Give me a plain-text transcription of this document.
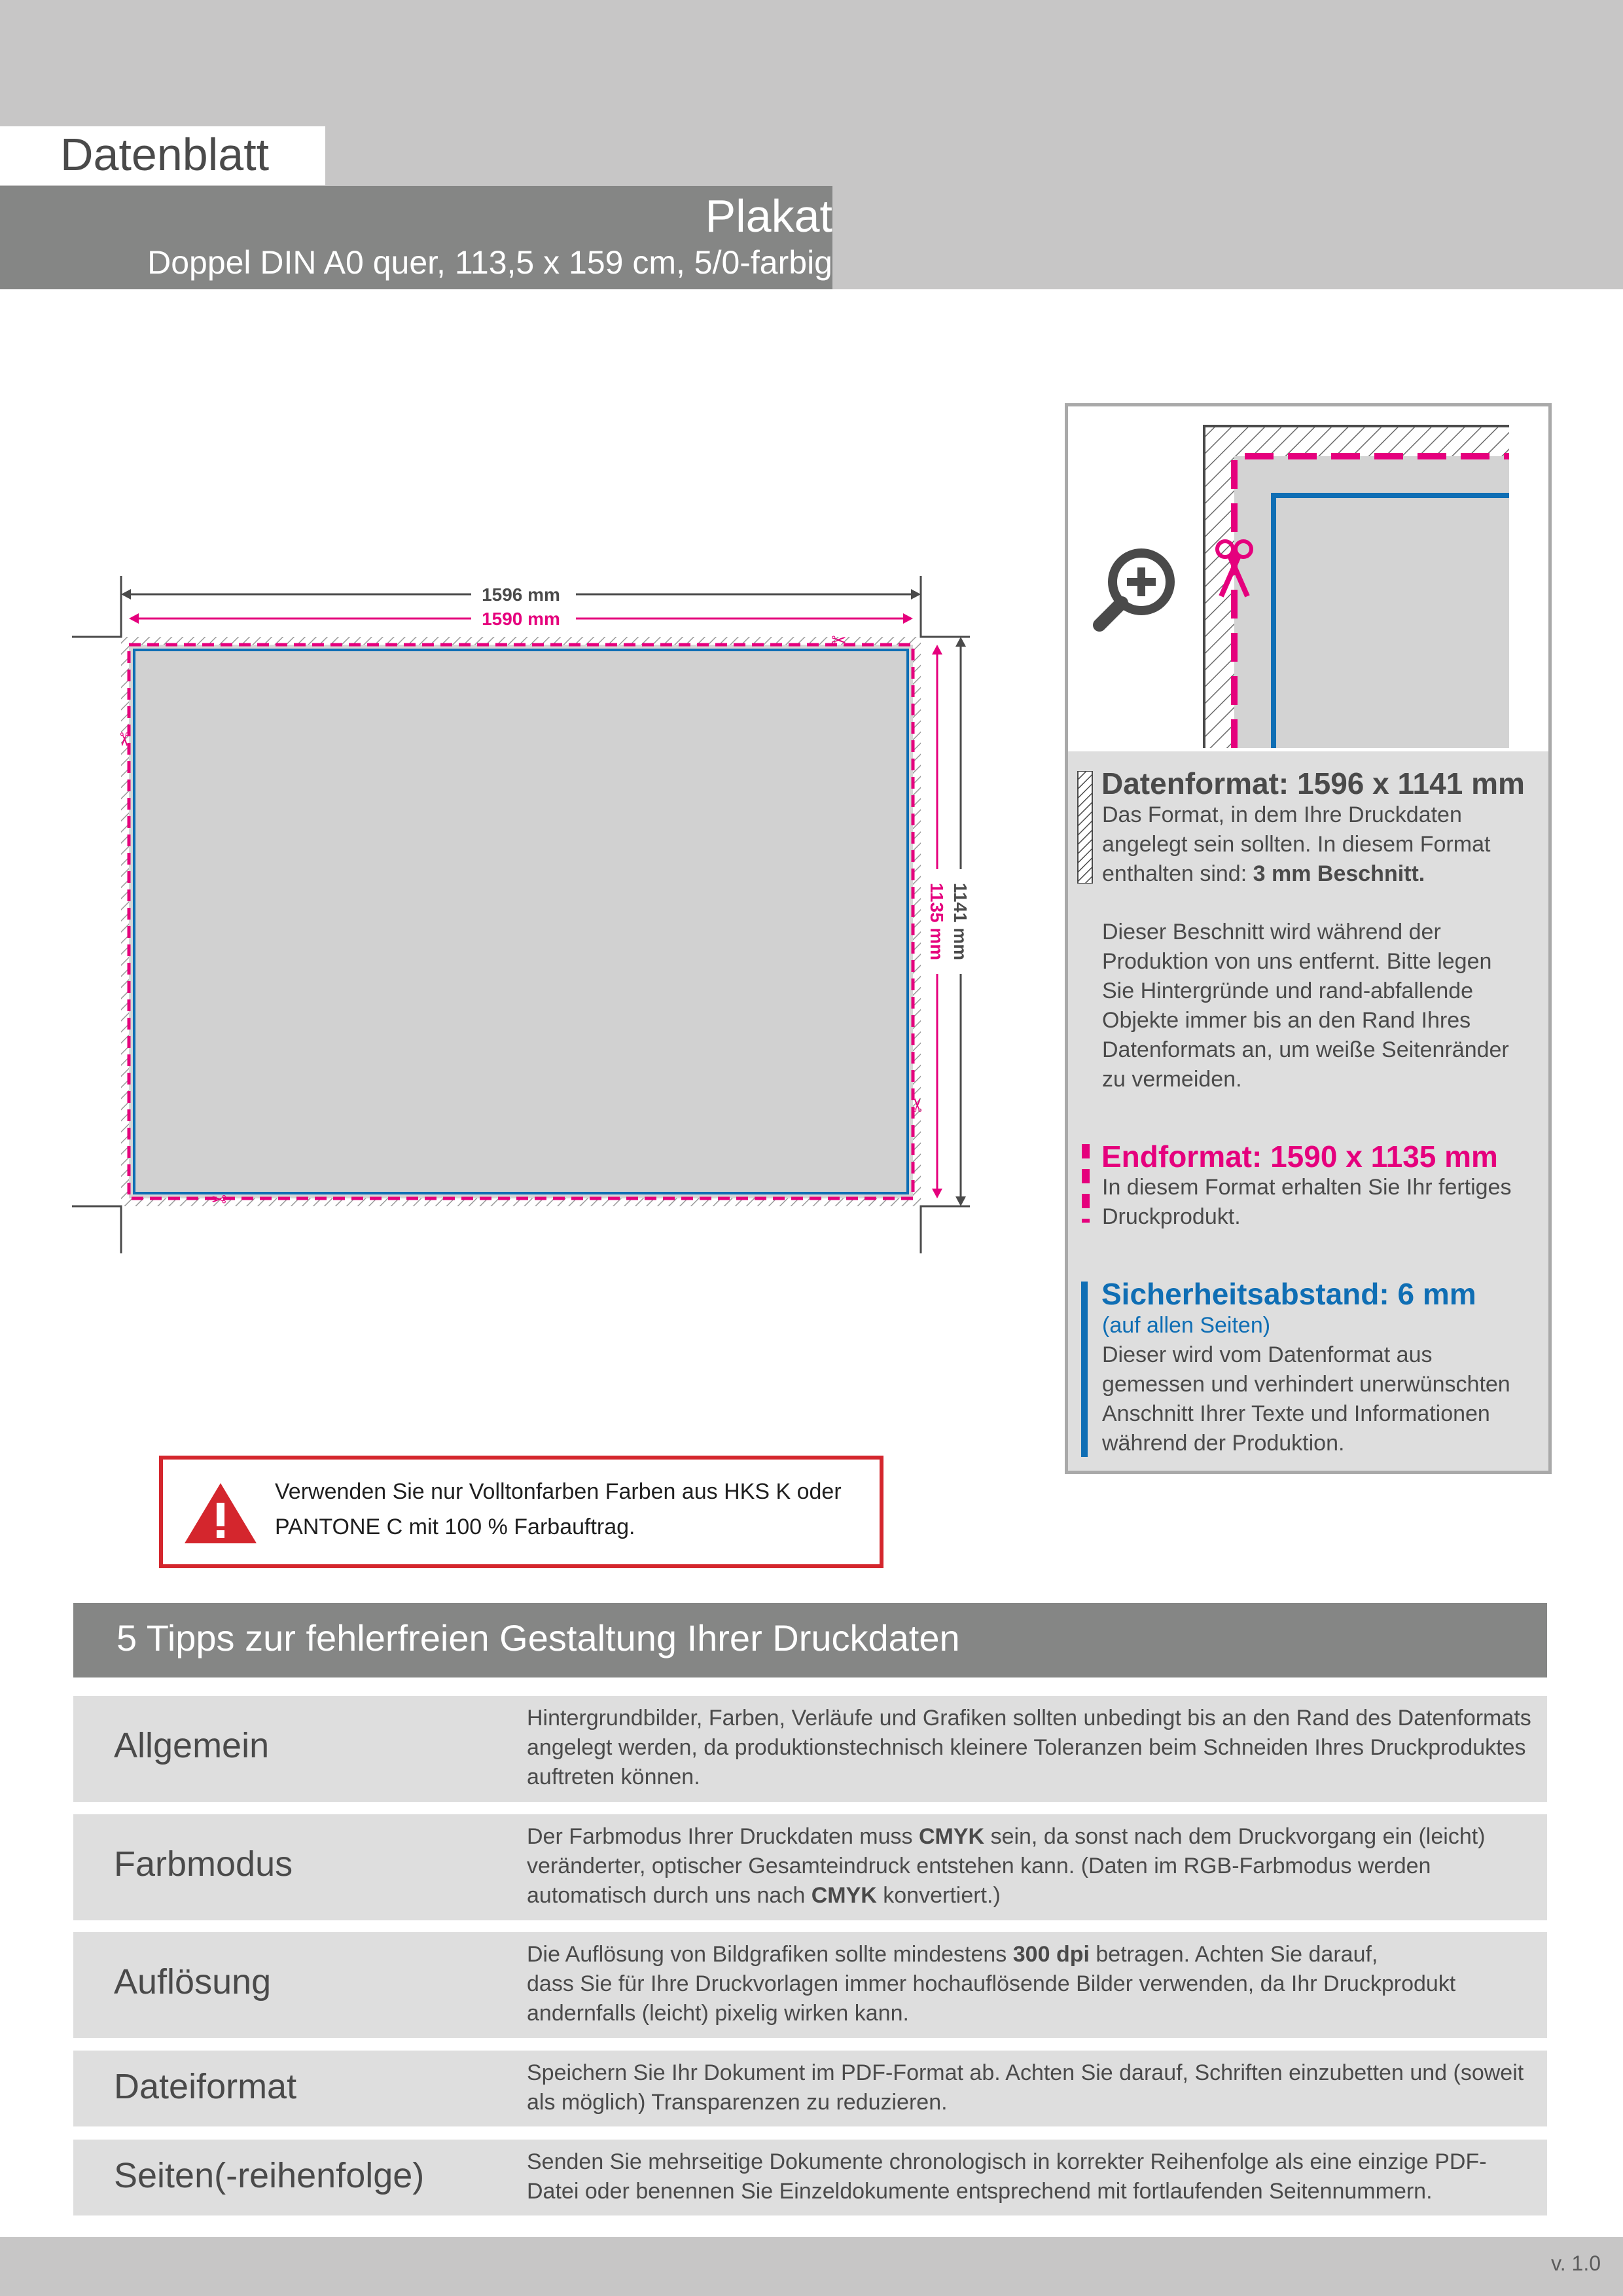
Datenblatt
Plakat
Doppel DIN A0 quer, 113,5 x 159 cm, 5/0-farbig
1596 mm
1590 mm
1141 mm
1135 mm
✂
✂
✂
✂
Datenformat: 1596 x 1141 mm
Das Format, in dem Ihre Druckdaten angelegt sein sollten. In diesem Format enthalten sind: 3 mm Beschnitt.
Dieser Beschnitt wird während der Produktion von uns entfernt. Bitte legen Sie Hintergründe und rand-abfallende Objekte immer bis an den Rand Ihres Datenformats an, um weiße Seitenränder zu vermeiden.
Endformat: 1590 x 1135 mm
In diesem Format erhalten Sie Ihr fertiges Druckprodukt.
Sicherheitsabstand: 6 mm
(auf allen Seiten)
Dieser wird vom Datenformat aus gemessen und verhindert unerwünschten Anschnitt Ihrer Texte und Informationen während der Produktion.
Verwenden Sie nur Volltonfarben Farben aus HKS K oder
PANTONE C mit 100 % Farbauftrag.
5 Tipps zur fehlerfreien Gestaltung Ihrer Druckdaten
Allgemein
Hintergrundbilder, Farben, Verläufe und Grafiken sollten unbedingt bis an den Rand des Datenformats angelegt werden, da produktionstechnisch kleinere Toleranzen beim Schneiden Ihres Druckproduktes auftreten können.
Farbmodus
Der Farbmodus Ihrer Druckdaten muss CMYK sein, da sonst nach dem Druckvorgang ein (leicht) veränderter, optischer Gesamteindruck entstehen kann. (Daten im RGB-Farbmodus werden automatisch durch uns nach CMYK konvertiert.)
Auflösung
Die Auflösung von Bildgrafiken sollte mindestens 300 dpi betragen. Achten Sie darauf,
dass Sie für Ihre Druckvorlagen immer hochauflösende Bilder verwenden, da Ihr Druckprodukt andernfalls (leicht) pixelig wirken kann.
Dateiformat	Speichern Sie Ihr Dokument im PDF-Format ab. Achten Sie darauf, Schriften einzubetten und (soweit als möglich) Transparenzen zu reduzieren.
Seiten(-reihenfolge)	Senden Sie mehrseitige Dokumente chronologisch in korrekter Reihenfolge als eine einzige PDF-Datei oder benennen Sie Einzeldokumente entsprechend mit fortlaufenden Seitennummern.
v. 1.0
